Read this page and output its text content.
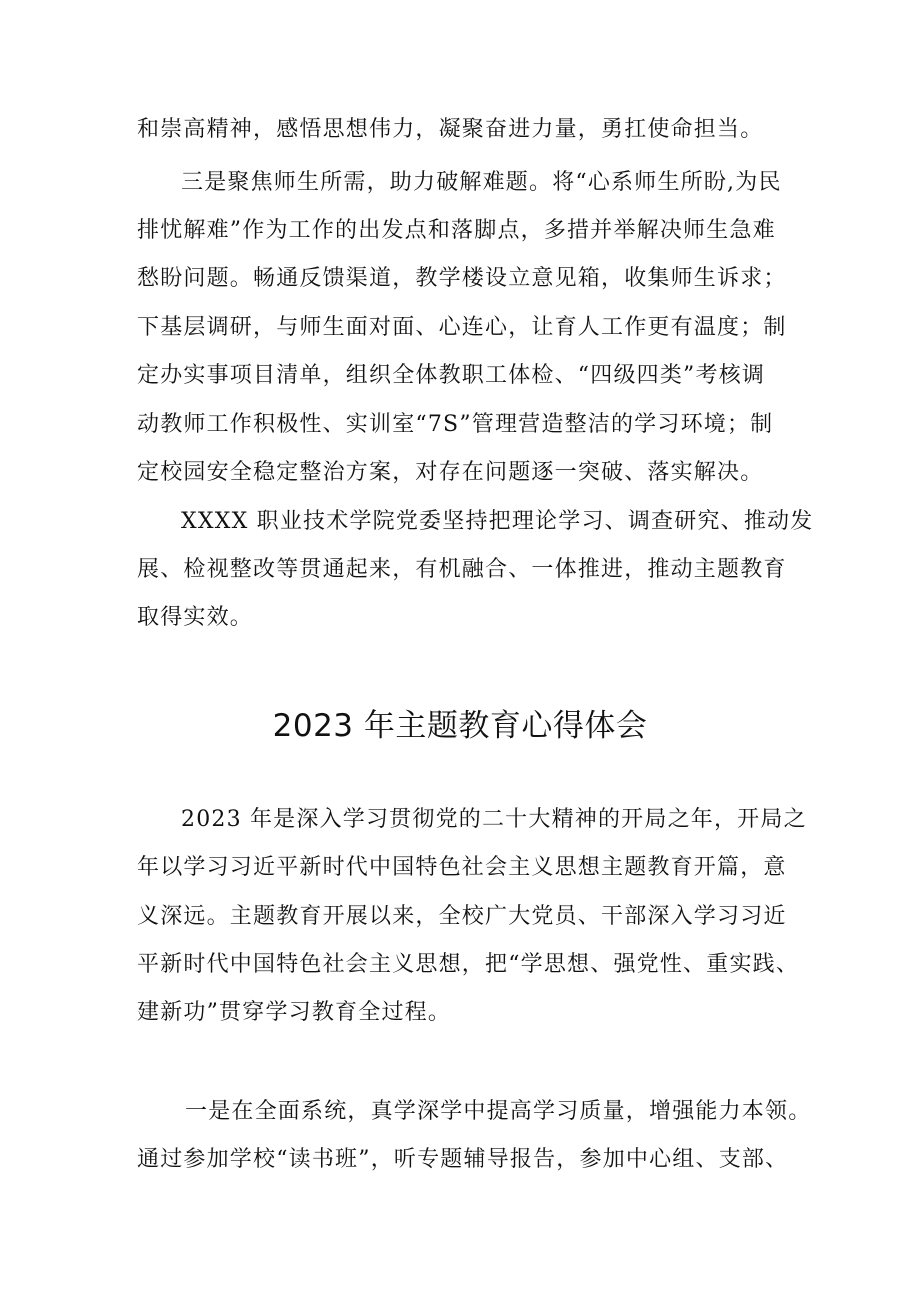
和崇高精神，感悟思想伟力，凝聚奋进力量，勇扛使命担当。
三是聚焦师生所需，助力破解难题。将“心系师生所盼,为民
排忧解难”作为工作的出发点和落脚点，多措并举解决师生急难
愁盼问题。畅通反馈渠道，教学楼设立意见箱，收集师生诉求；
下基层调研，与师生面对面、心连心，让育人工作更有温度；制
定办实事项目清单，组织全体教职工体检、“四级四类”考核调
动教师工作积极性、实训室“7S”管理营造整洁的学习环境；制
定校园安全稳定整治方案，对存在问题逐一突破、落实解决。
XXXX 职业技术学院党委坚持把理论学习、调查研究、推动发
展、检视整改等贯通起来，有机融合、一体推进，推动主题教育
取得实效。
2023 年主题教育心得体会
2023 年是深入学习贯彻党的二十大精神的开局之年，开局之
年以学习习近平新时代中国特色社会主义思想主题教育开篇，意
义深远。主题教育开展以来，全校广大党员、干部深入学习习近
平新时代中国特色社会主义思想，把“学思想、强党性、重实践、
建新功”贯穿学习教育全过程。
一是在全面系统，真学深学中提高学习质量，增强能力本领。
通过参加学校“读书班”，听专题辅导报告，参加中心组、支部、
